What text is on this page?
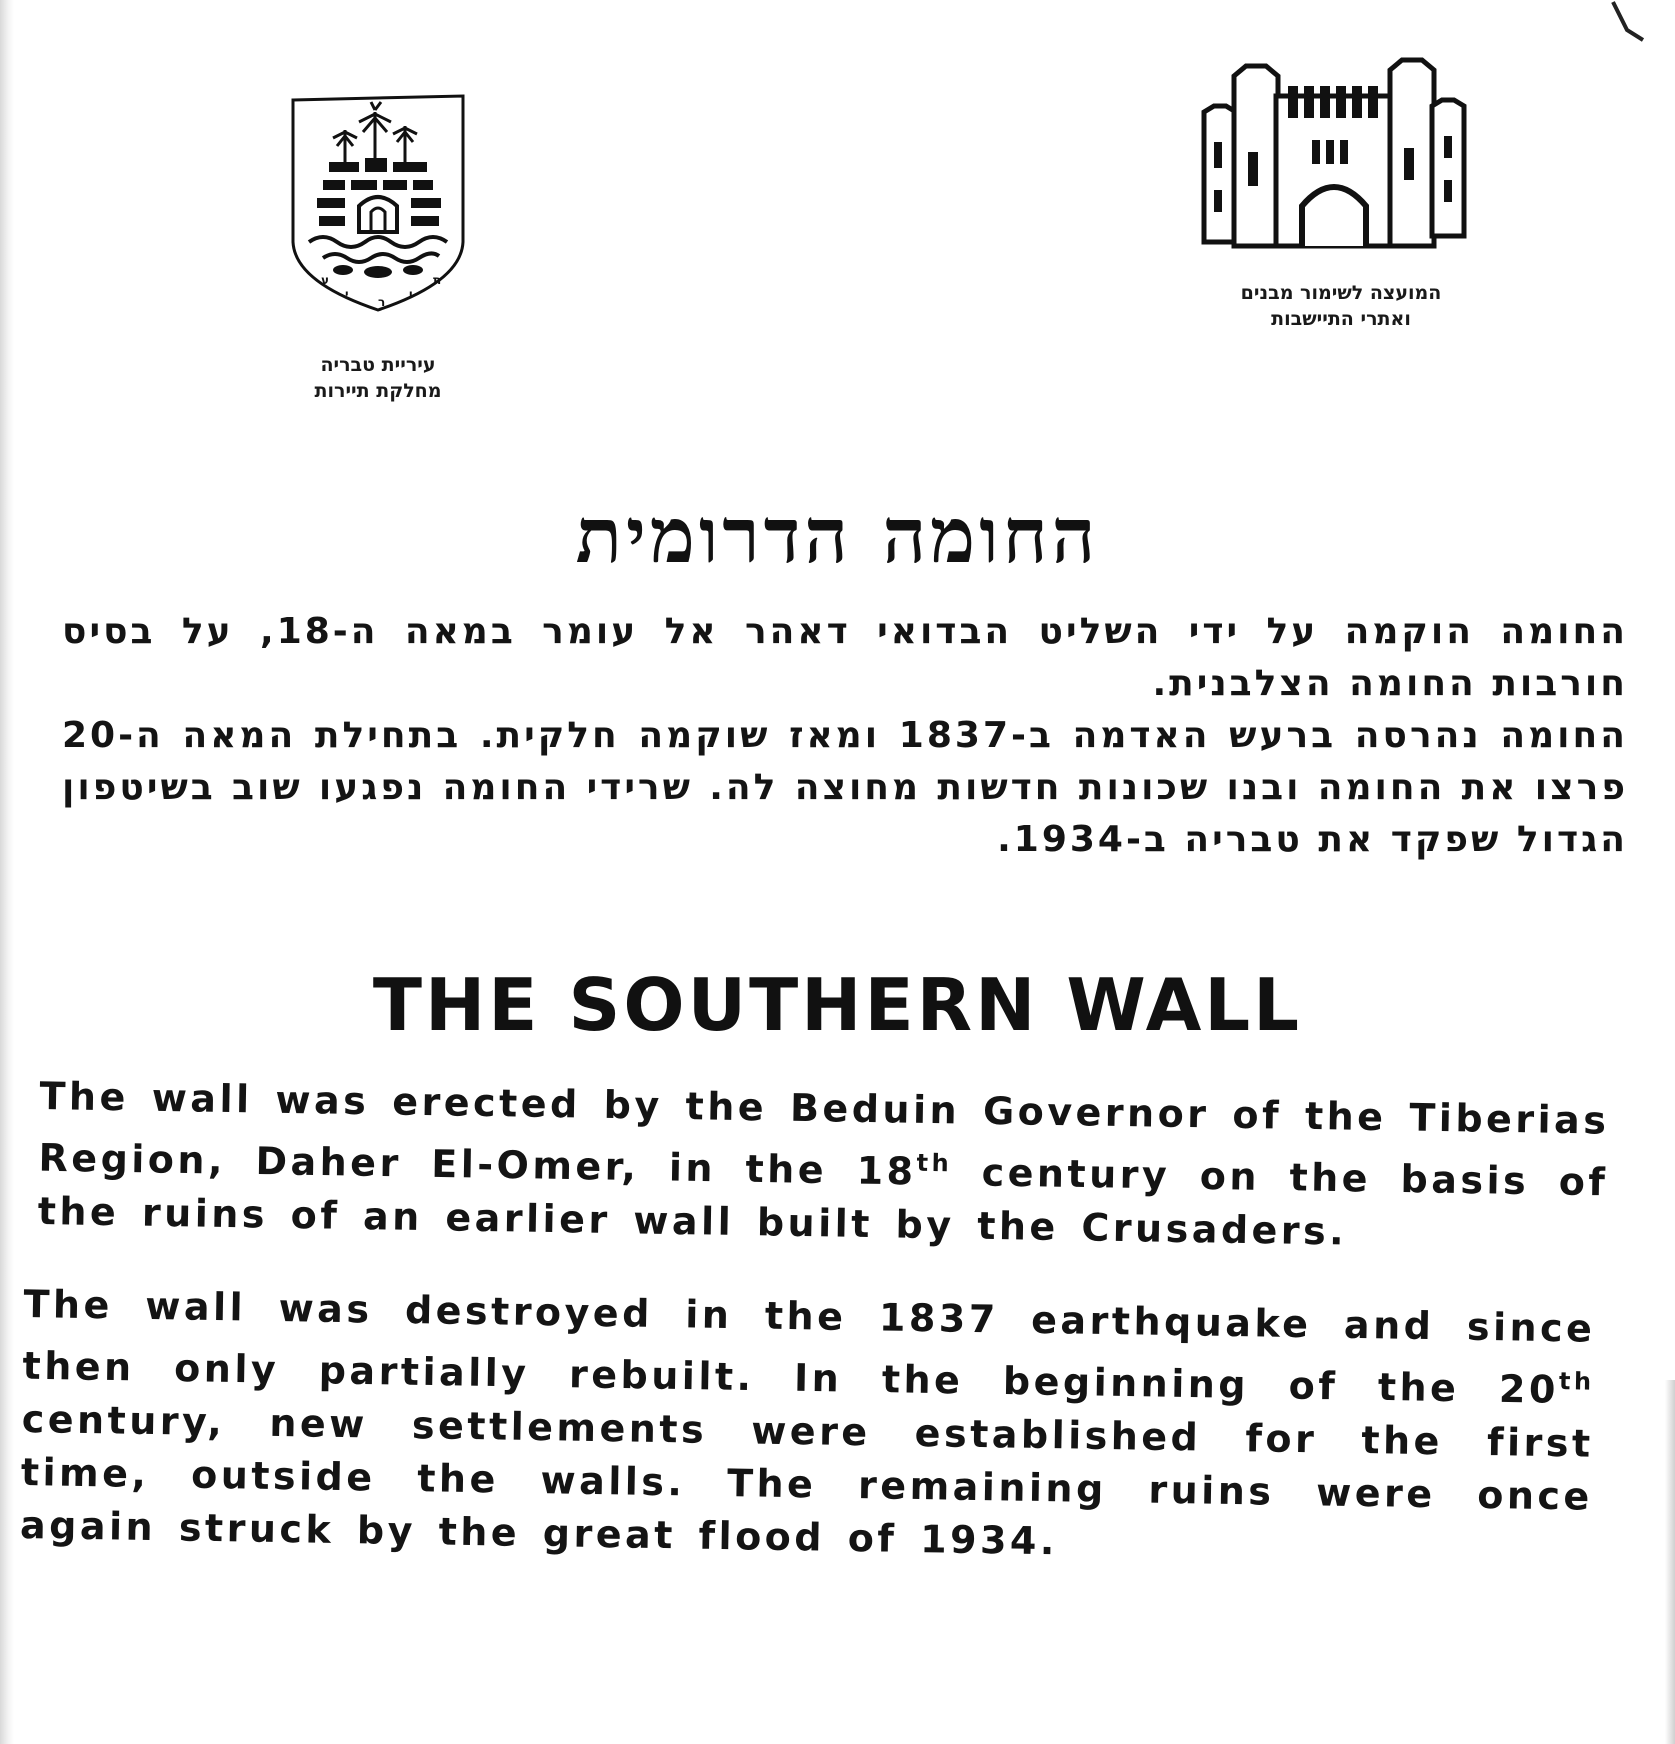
ע
י
ר
י
ת
עיריית טבריה
מחלקת תיירות
המועצה לשימור מבנים
ואתרי התיישבות
החומה הדרומית

החומה הוקמה על ידי השליט הבדואי דאהר אל עומר במאה ה-18, על בסיס חורבות החומה הצלבנית.

החומה נהרסה ברעש האדמה ב-1837 ומאז שוקמה חלקית. בתחילת המאה ה-20 פרצו את החומה ובנו שכונות חדשות מחוצה לה. שרידי החומה נפגעו שוב בשיטפון הגדול שפקד את טבריה ב-1934.

THE SOUTHERN WALL

The wall was erected by the Beduin Governor of the Tiberias Region, Daher El-Omer, in the 18th century on the basis of the ruins of an earlier wall built by the Crusaders.

The wall was destroyed in the 1837 earthquake and since then only partially rebuilt. In the beginning of the 20th century, new settlements were established for the first time, outside the walls. The remaining ruins were once again struck by the great flood of 1934.
